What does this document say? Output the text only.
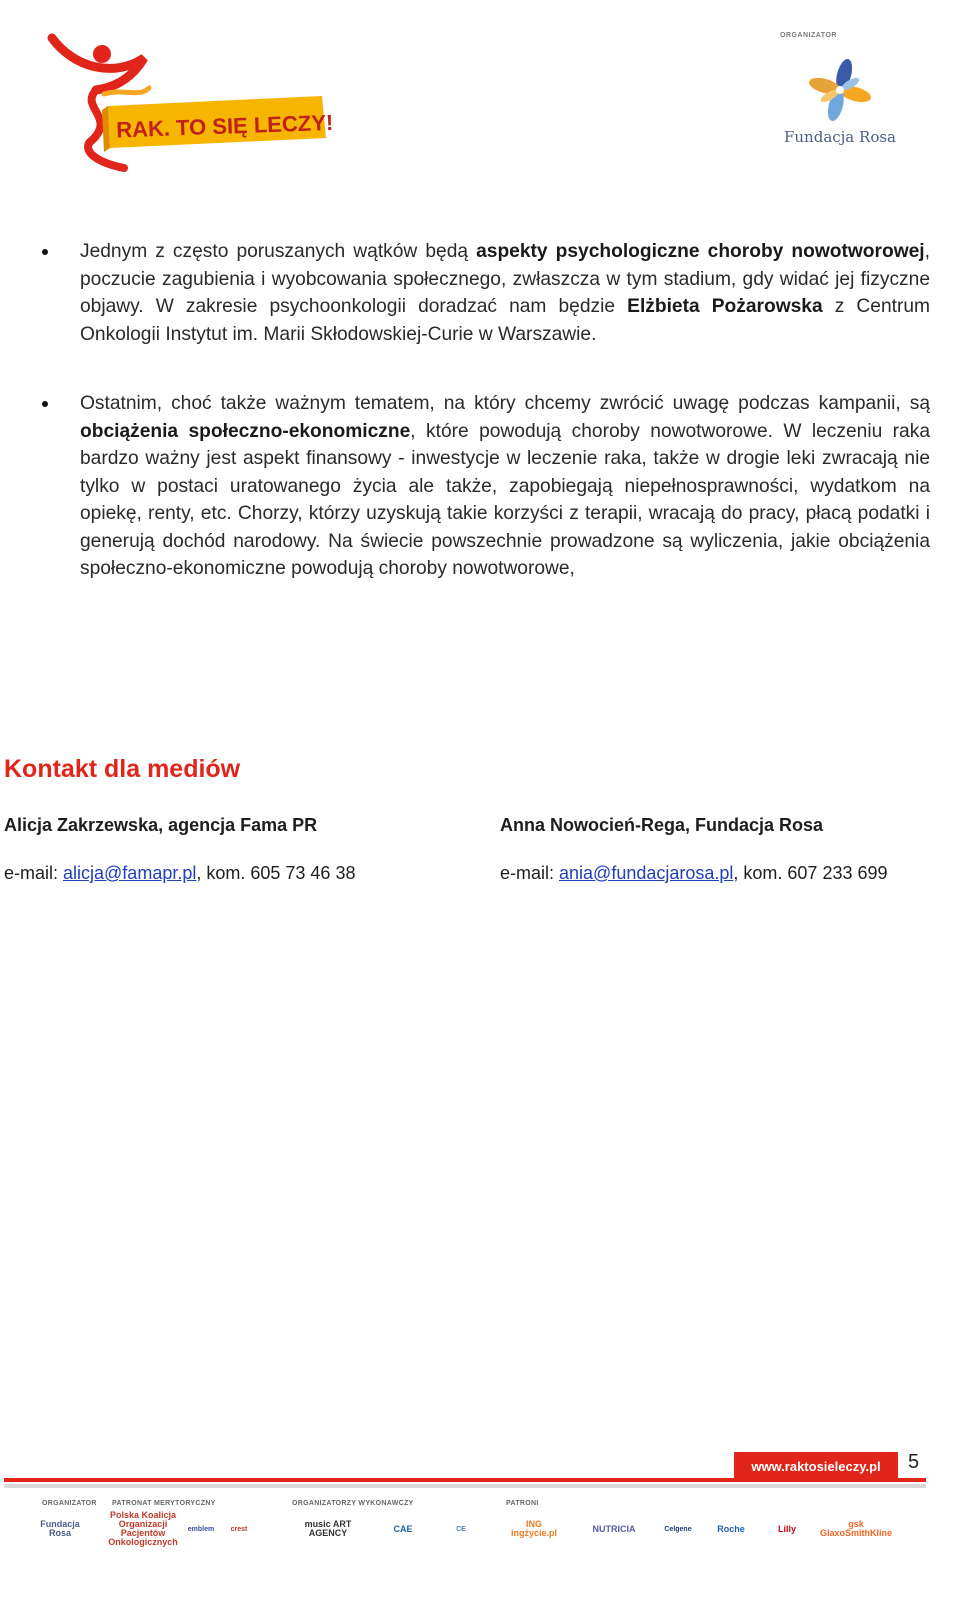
RAK. TO SIĘ LECZY!
ORGANIZATOR
Fundacja Rosa
Jednym z często poruszanych wątków będą aspekty psychologiczne choroby nowotworowej, poczucie zagubienia i wyobcowania społecznego, zwłaszcza w tym stadium, gdy widać jej fizyczne objawy. W zakresie psychoonkologii doradzać nam będzie Elżbieta Pożarowska z Centrum Onkologii Instytut im. Marii Skłodowskiej-Curie w Warszawie.
Ostatnim, choć także ważnym tematem, na który chcemy zwrócić uwagę podczas kampanii, są obciążenia społeczno-ekonomiczne, które powodują choroby nowotworowe. W leczeniu raka bardzo ważny jest aspekt finansowy - inwestycje w leczenie raka, także w drogie leki zwracają nie tylko w postaci uratowanego życia ale także, zapobiegają niepełnosprawności, wydatkom na opiekę, renty, etc. Chorzy, którzy uzyskują takie korzyści z terapii, wracają do pracy, płacą podatki i generują dochód narodowy. Na świecie powszechnie prowadzone są wyliczenia, jakie obciążenia społeczno-ekonomiczne powodują choroby nowotworowe,
Kontakt dla mediów
Alicja Zakrzewska, agencja Fama PR
e-mail: alicja@famapr.pl, kom. 605 73 46 38
Anna Nowocień-Rega, Fundacja Rosa
e-mail: ania@fundacjarosa.pl, kom. 607 233 699
www.raktosieleczy.pl	5
ORGANIZATOR PATRONAT MERYTORYCZNY	ORGANIZATORZY WYKONAWCZY	PATRONI
Fundacja Rosa
Polska Koalicja Organizacji Pacjentów Onkologicznych
emblem	crest	music ART AGENCY	CAE	CE	ING ingżycie.pl	NUTRICIA	Celgene	Roche	Lilly	gsk GlaxoSmithKline
